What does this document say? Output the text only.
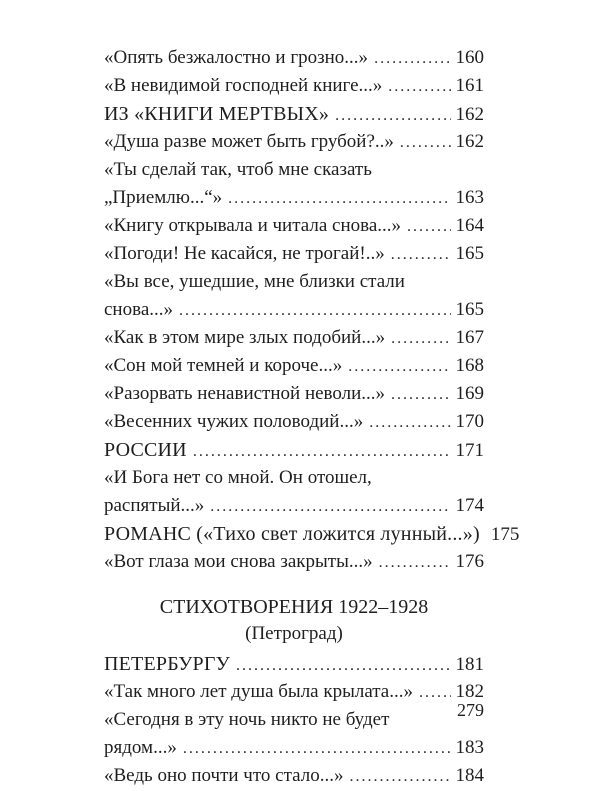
«Опять безжалостно и грозно...» . . .	160
«В невидимой господней книге...» . . .	161
ИЗ «КНИГИ МЕРТВЫХ» . . .	162
«Душа разве может быть грубой?..» . . .	162
«Ты сделай так, чтоб мне сказать
„Приемлю...“» . . .	163
«Книгу открывала и читала снова...» . . .	164
«Погоди! Не касайся, не трогай!..» . . .	165
«Вы все, ушедшие, мне близки стали
снова...» . . .	165
«Как в этом мире злых подобий...» . . .	167
«Сон мой темней и короче...» . . .	168
«Разорвать ненавистной неволи...» . . .	169
«Весенних чужих половодий...» . . .	170
РОССИИ . . .	171
«И Бога нет со мной. Он отошел,
распятый...» . . .	174
РОМАНС («Тихо свет ложится лунный...») 175
«Вот глаза мои снова закрыты...» . . .	176
СТИХОТВОРЕНИЯ 1922–1928
(Петроград)
ПЕТЕРБУРГУ . . .	181
«Так много лет душа была крылата...» . . . 182
«Сегодня в эту ночь никто не будет
рядом...» . . .	183
«Ведь оно почти что стало...» . . .	184
279
